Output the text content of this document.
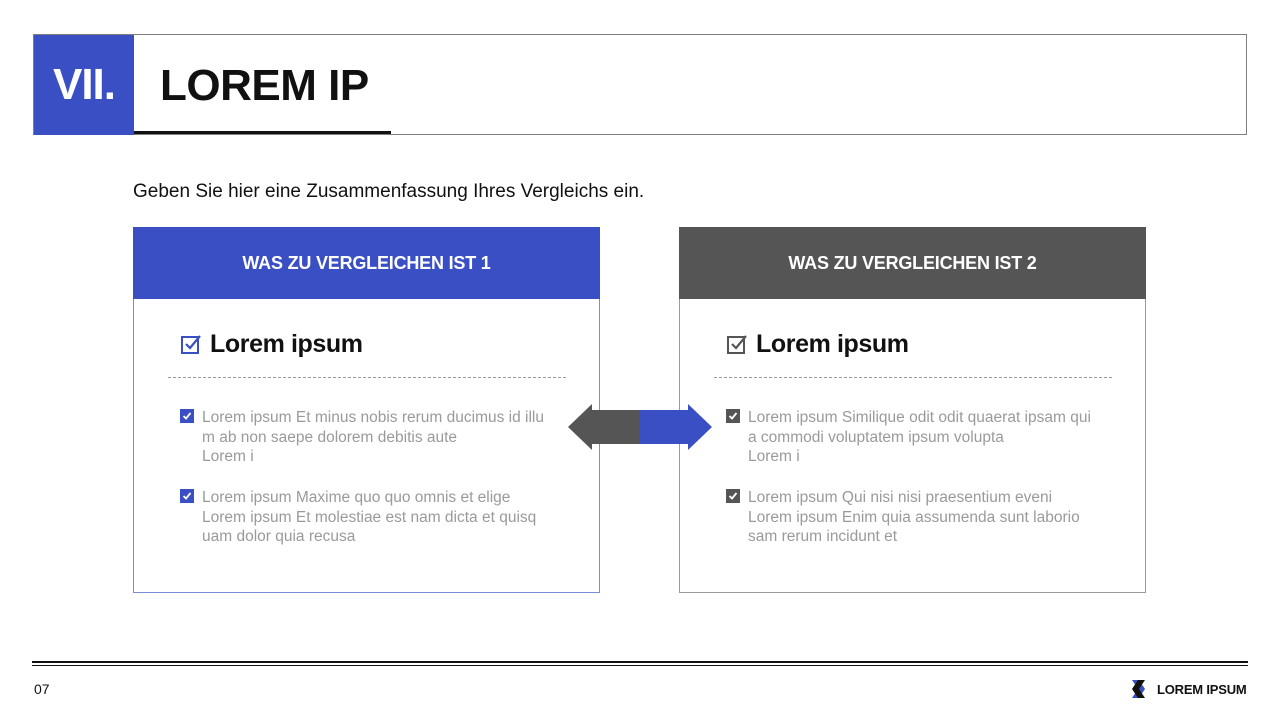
VII.	LOREM IP
Geben Sie hier eine Zusammenfassung Ihres Vergleichs ein.
WAS ZU VERGLEICHEN IST 1
Lorem ipsum
Lorem ipsum Et minus nobis rerum ducimus id illu
m ab non saepe dolorem debitis aute
Lorem i
Lorem ipsum Maxime quo quo omnis et elige
Lorem ipsum Et molestiae est nam dicta et quisq
uam dolor quia recusa
WAS ZU VERGLEICHEN IST 2
Lorem ipsum
Lorem ipsum Similique odit odit quaerat ipsam qui
a commodi voluptatem ipsum volupta
Lorem i
Lorem ipsum Qui nisi nisi praesentium eveni
Lorem ipsum Enim quia assumenda sunt laborio
sam rerum incidunt et
07	LOREM IPSUM
